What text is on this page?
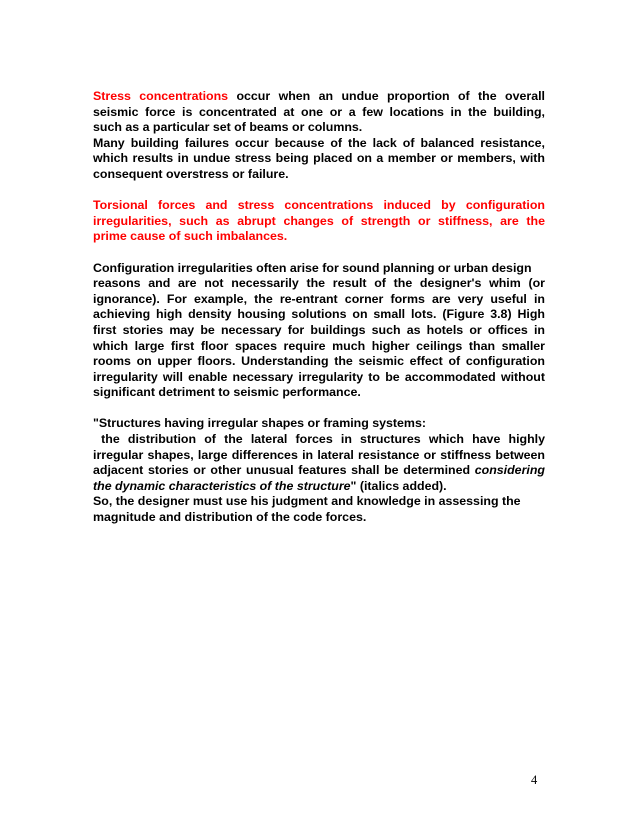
Stress concentrations occur when an undue proportion of the overall
seismic force is concentrated at one or a few locations in the building,
such as a particular set of beams or columns.
Many building failures occur because of the lack of balanced resistance,
which results in undue stress being placed on a member or members, with
consequent overstress or failure.
Torsional forces and stress concentrations induced by configuration
irregularities, such as abrupt changes of strength or stiffness, are the
prime cause of such imbalances.
Configuration irregularities often arise for sound planning or urban design
reasons and are not necessarily the result of the designer's whim (or
ignorance). For example, the re-entrant corner forms are very useful in
achieving high density housing solutions on small lots. (Figure 3.8) High
first stories may be necessary for buildings such as hotels or offices in
which large first floor spaces require much higher ceilings than smaller
rooms on upper floors. Understanding the seismic effect of configuration
irregularity will enable necessary irregularity to be accommodated without
significant detriment to seismic performance.
"Structures having irregular shapes or framing systems:
the distribution of the lateral forces in structures which have highly
irregular shapes, large differences in lateral resistance or stiffness between
adjacent stories or other unusual features shall be determined considering
the dynamic characteristics of the structure" (italics added).
So, the designer must use his judgment and knowledge in assessing the
magnitude and distribution of the code forces.
4
